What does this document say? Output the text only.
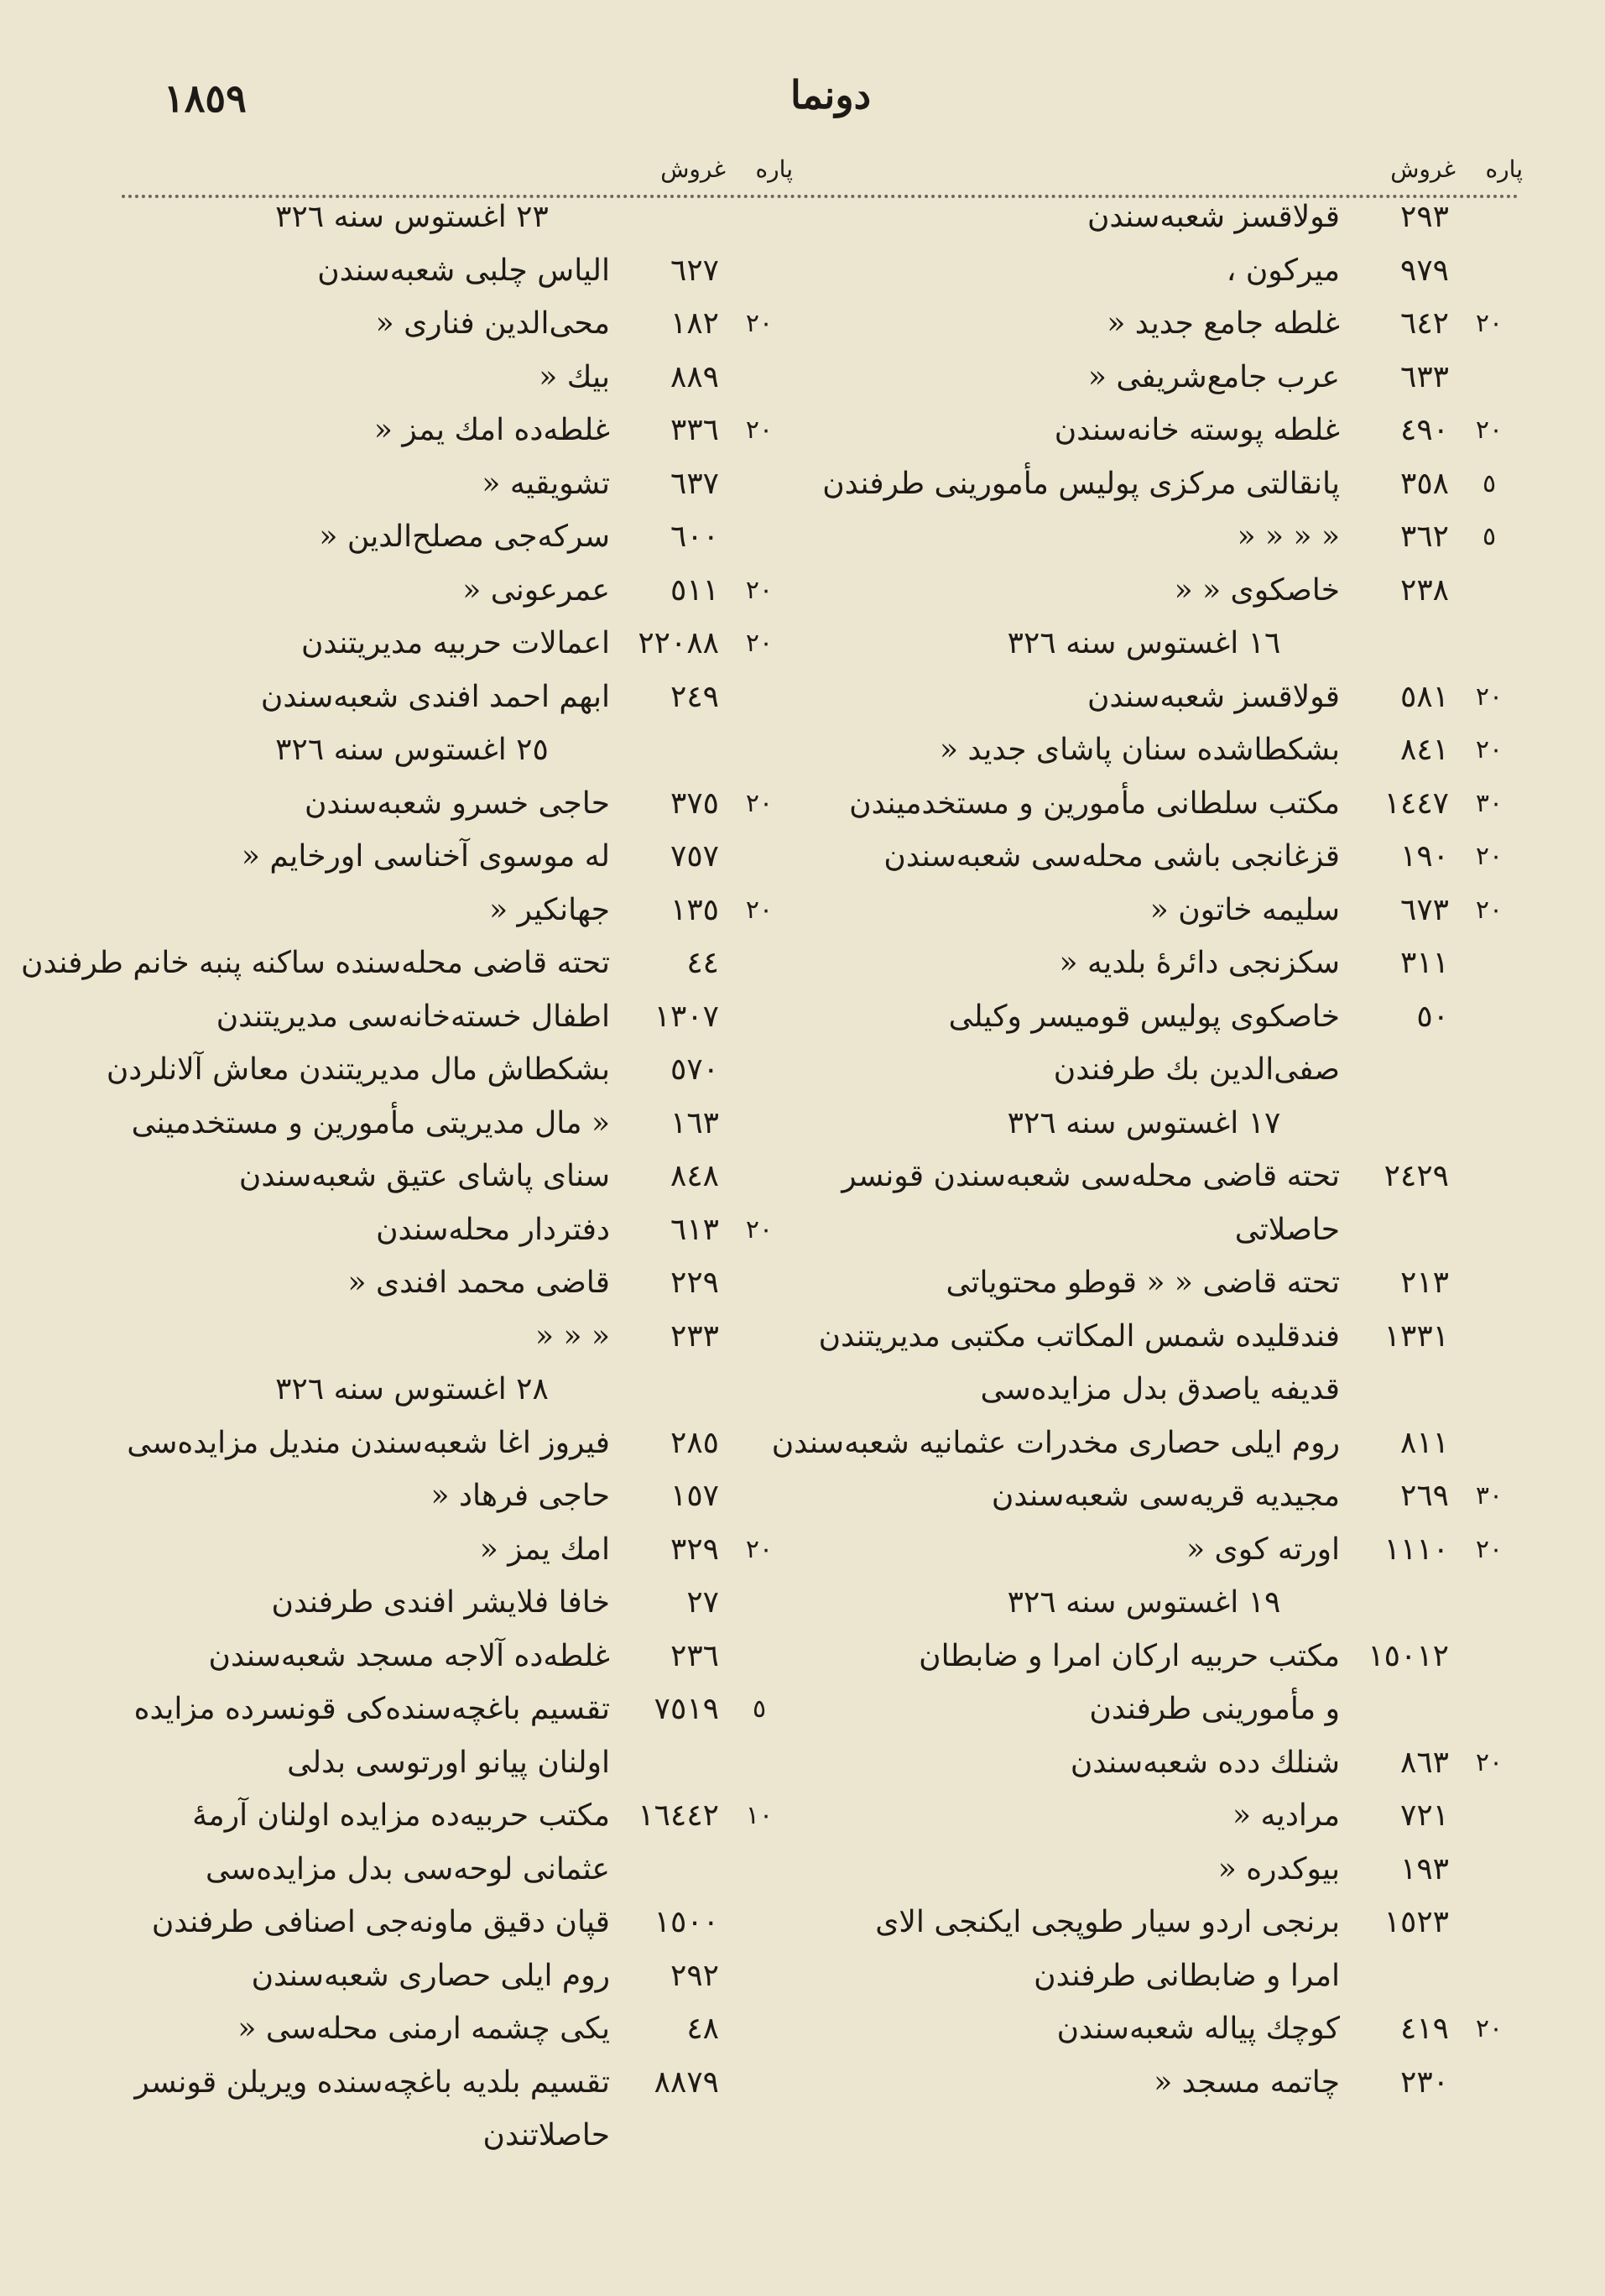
١٨٥٩	دونما
پاره
غروش
٢٩٣
قولاقسز شعبه‌سندن
٩٧٩
میرکون ،
٢٠
٦٤٢
غلطه جامع جدید «
٦٣٣
عرب جامع‌شریفی «
٢٠
٤٩٠
غلطه پوسته خانه‌سندن
٥
٣٥٨
پانقالتی مرکزی پولیس مأمورینی طرفندن
٥
٣٦٢
« « « «
٢٣٨
خاصکوی « «
١٦ اغستوس سنه ٣٢٦
٢٠
٥٨١
قولاقسز شعبه‌سندن
٢٠
٨٤١
بشکطاشده سنان پاشای جدید «
٣٠
١٤٤٧
مکتب سلطانی مأمورین و مستخدمیندن
٢٠
١٩٠
قزغانجی باشی محله‌سی شعبه‌سندن
٢٠
٦٧٣
سلیمه خاتون «
٣١١
سکزنجی دائرهٔ بلدیه «
٥٠
خاصکوی پولیس قومیسر وکیلی
صفی‌الدین بك طرفندن
١٧ اغستوس سنه ٣٢٦
٢٤٢٩
تحته قاضی محله‌سی شعبه‌سندن قونسر
حاصلاتی
٢١٣
تحته قاضی « « قوطو محتویاتی
١٣٣١
فندقلیده شمس المکاتب مکتبی مدیریتندن
قدیفه یاصدق بدل مزایده‌سی
٨١١
روم ایلی حصاری مخدرات عثمانیه شعبه‌سندن
٣٠
٢٦٩
مجیدیه قریه‌سی شعبه‌سندن
٢٠
١١١٠
اورته کوی «
١٩ اغستوس سنه ٣٢٦
١٥٠١٢
مکتب حربیه ارکان امرا و ضابطان
و مأمورینی طرفندن
٢٠
٨٦٣
شنلك دده شعبه‌سندن
٧٢١
مرادیه «
١٩٣
بیوکدره «
١٥٢٣
برنجی اردو سیار طوپجی ایکنجی الای
امرا و ضابطانی طرفندن
٢٠
٤١٩
کوچك پیاله شعبه‌سندن
٢٣٠
چاتمه مسجد «
پاره
غروش
٢٣ اغستوس سنه ٣٢٦
٦٢٧
الیاس چلبی شعبه‌سندن
٢٠
١٨٢
محی‌الدین فناری «
٨٨٩
بیك «
٢٠
٣٣٦
غلطه‌ده امك یمز «
٦٣٧
تشویقیه «
٦٠٠
سرکه‌جی مصلح‌الدین «
٢٠
٥١١
عمرعونی «
٢٠
٢٢٠٨٨
اعمالات حربیه مدیریتندن
٢٤٩
ابهم احمد افندی شعبه‌سندن
٢٥ اغستوس سنه ٣٢٦
٢٠
٣٧٥
حاجی خسرو شعبه‌سندن
٧٥٧
له موسوی آخناسی اورخایم «
٢٠
١٣٥
جهانکیر «
٤٤
تحته قاضی محله‌سنده ساکنه پنبه خانم طرفندن
١٣٠٧
اطفال خسته‌خانه‌سی مدیریتندن
٥٧٠
بشکطاش مال مدیریتندن معاش آلانلردن
١٦٣
« مال مدیریتی مأمورین و مستخدمینی
٨٤٨
سنای پاشای عتیق شعبه‌سندن
٢٠
٦١٣
دفتردار محله‌سندن
٢٢٩
قاضی محمد افندی «
٢٣٣
« « «
٢٨ اغستوس سنه ٣٢٦
٢٨٥
فیروز اغا شعبه‌سندن مندیل مزایده‌سی
١٥٧
حاجی فرهاد «
٢٠
٣٢٩
امك یمز «
٢٧
خافا فلایشر افندی طرفندن
٢٣٦
غلطه‌ده آلاجه مسجد شعبه‌سندن
٥
٧٥١٩
تقسیم باغچه‌سنده‌کی قونسرده مزایده
اولنان پیانو اورتوسی بدلی
١٠
١٦٤٤٢
مکتب حربیه‌ده مزایده اولنان آرمهٔ
عثمانی لوحه‌سی بدل مزایده‌سی
١٥٠٠
قپان دقیق ماونه‌جی اصنافی طرفندن
٢٩٢
روم ایلی حصاری شعبه‌سندن
٤٨
یکی چشمه ارمنی محله‌سی «
٨٨٧٩
تقسیم بلدیه باغچه‌سنده ویریلن قونسر
حاصلاتندن
